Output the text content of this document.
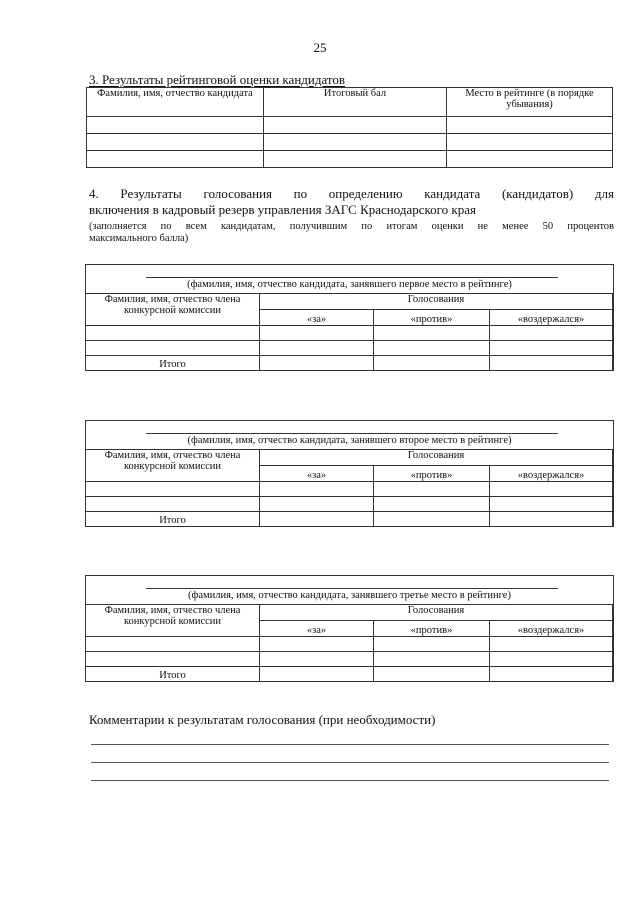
25
3. Результаты рейтинговой оценки кандидатов
Фамилия, имя, отчество кандидата	Итоговый бал	Место в рейтинге (в порядке убывания)

4. Результаты голосования по определению кандидата (кандидатов) для
включения в кадровый резерв управления ЗАГС Краснодарского края
(заполняется по всем кандидатам, получившим по итогам оценки не менее 50 процентов
максимального балла)
(фамилия, имя, отчество кандидата, занявшего первое место в рейтинге)
Фамилия, имя, отчество члена конкурсной комиссии	Голосования		
	«за»	«против»	«воздержался»

Итого			
(фамилия, имя, отчество кандидата, занявшего второе место в рейтинге)
Фамилия, имя, отчество члена конкурсной комиссии	Голосования		
	«за»	«против»	«воздержался»

Итого			
(фамилия, имя, отчество кандидата, занявшего третье место в рейтинге)
Фамилия, имя, отчество члена конкурсной комиссии	Голосования		
	«за»	«против»	«воздержался»

Итого			
Комментарии к результатам голосования (при необходимости)
